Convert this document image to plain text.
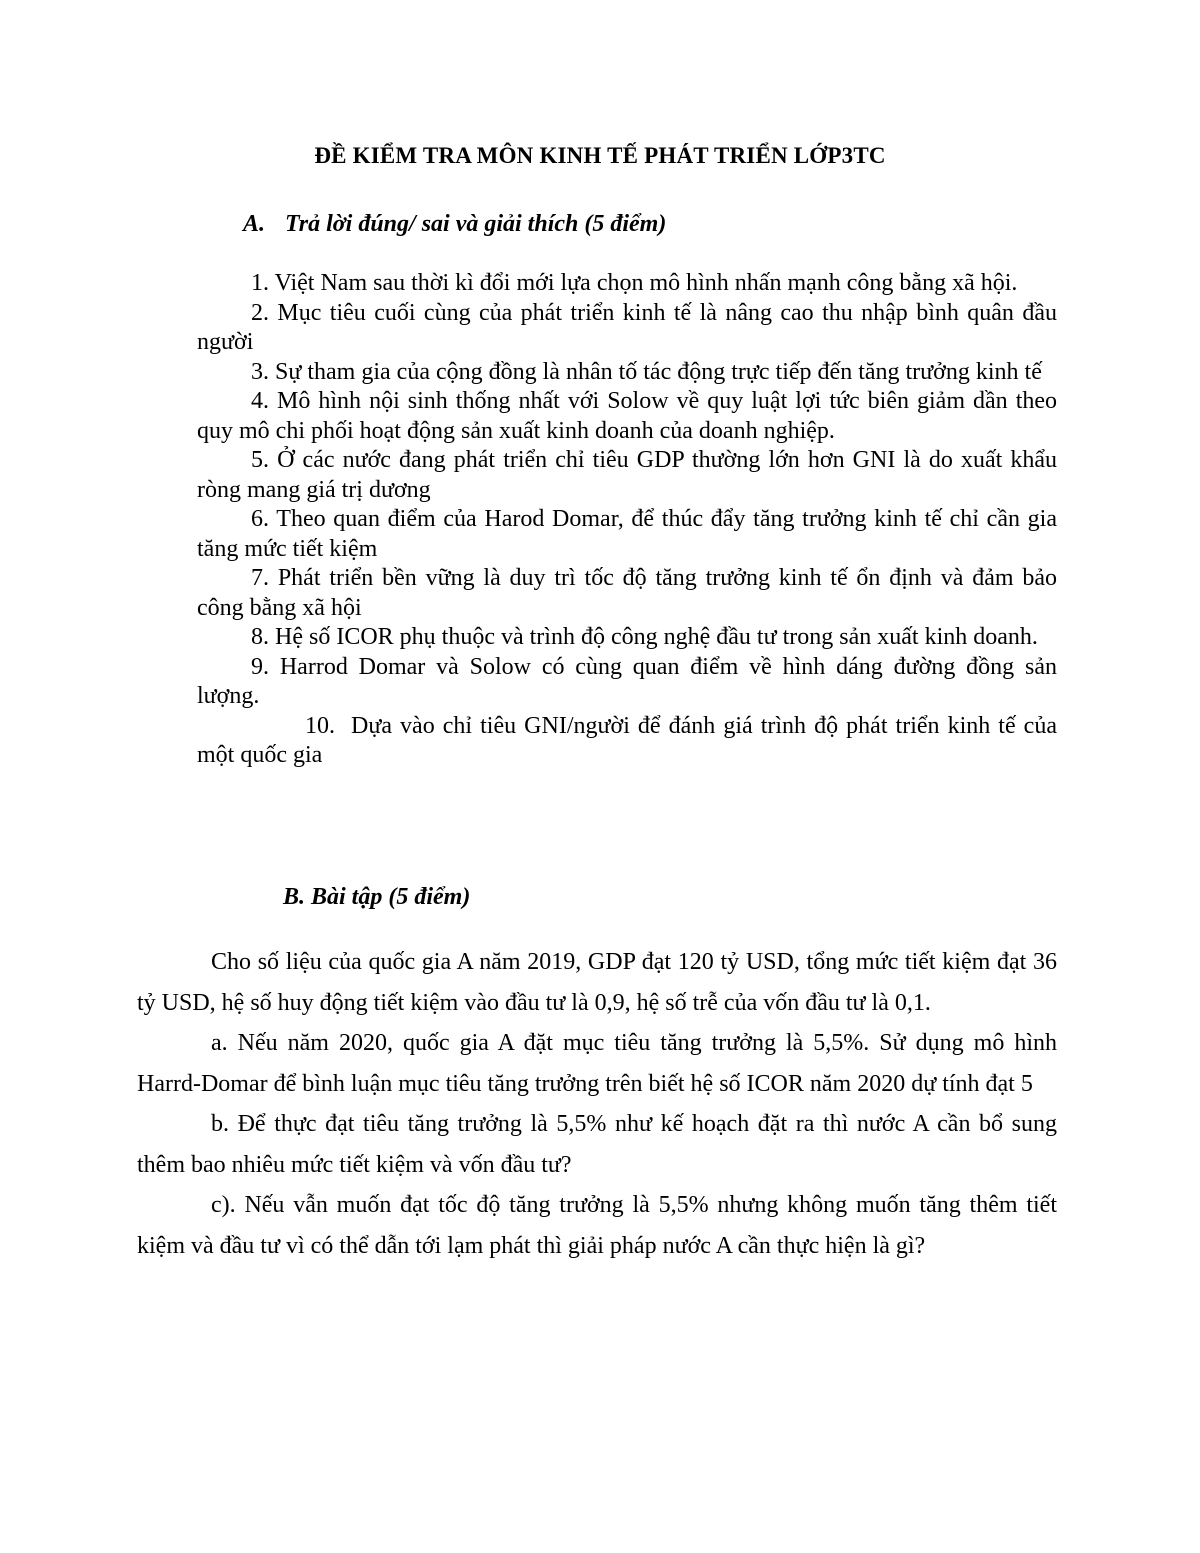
ĐỀ KIỂM TRA MÔN KINH TẾ PHÁT TRIỂN LỚP3TC
A. Trả lời đúng/ sai và giải thích (5 điểm)

1. Việt Nam sau thời kì đổi mới lựa chọn mô hình nhấn mạnh công bằng xã hội.

2. Mục tiêu cuối cùng của phát triển kinh tế là nâng cao thu nhập bình quân đầu người

3. Sự tham gia của cộng đồng là nhân tố tác động trực tiếp đến tăng trưởng kinh tế

4. Mô hình nội sinh thống nhất với Solow về quy luật lợi tức biên giảm dần theo quy mô chi phối hoạt động sản xuất kinh doanh của doanh nghiệp.

5. Ở các nước đang phát triển chỉ tiêu GDP thường lớn hơn GNI là do xuất khẩu ròng mang giá trị dương

6. Theo quan điểm của Harod Domar, để thúc đẩy tăng trưởng kinh tế chỉ cần gia tăng mức tiết kiệm

7. Phát triển bền vững là duy trì tốc độ tăng trưởng kinh tế ổn định và đảm bảo công bằng xã hội

8. Hệ số ICOR phụ thuộc và trình độ công nghệ đầu tư trong sản xuất kinh doanh.

9. Harrod Domar và Solow có cùng quan điểm về hình dáng đường đồng sản lượng.

10. Dựa vào chỉ tiêu GNI/người để đánh giá trình độ phát triển kinh tế của một quốc gia

B. Bài tập (5 điểm)

Cho số liệu của quốc gia A năm 2019, GDP đạt 120 tỷ USD, tổng mức tiết kiệm đạt 36 tỷ USD, hệ số huy động tiết kiệm vào đầu tư là 0,9, hệ số trễ của vốn đầu tư là 0,1.

a. Nếu năm 2020, quốc gia A đặt mục tiêu tăng trưởng là 5,5%. Sử dụng mô hình Harrd-Domar để bình luận mục tiêu tăng trưởng trên biết hệ số ICOR năm 2020 dự tính đạt 5

b. Để thực đạt tiêu tăng trưởng là 5,5% như kế hoạch đặt ra thì nước A cần bổ sung thêm bao nhiêu mức tiết kiệm và vốn đầu tư?

c). Nếu vẫn muốn đạt tốc độ tăng trưởng là 5,5% nhưng không muốn tăng thêm tiết kiệm và đầu tư vì có thể dẫn tới lạm phát thì giải pháp nước A cần thực hiện là gì?
